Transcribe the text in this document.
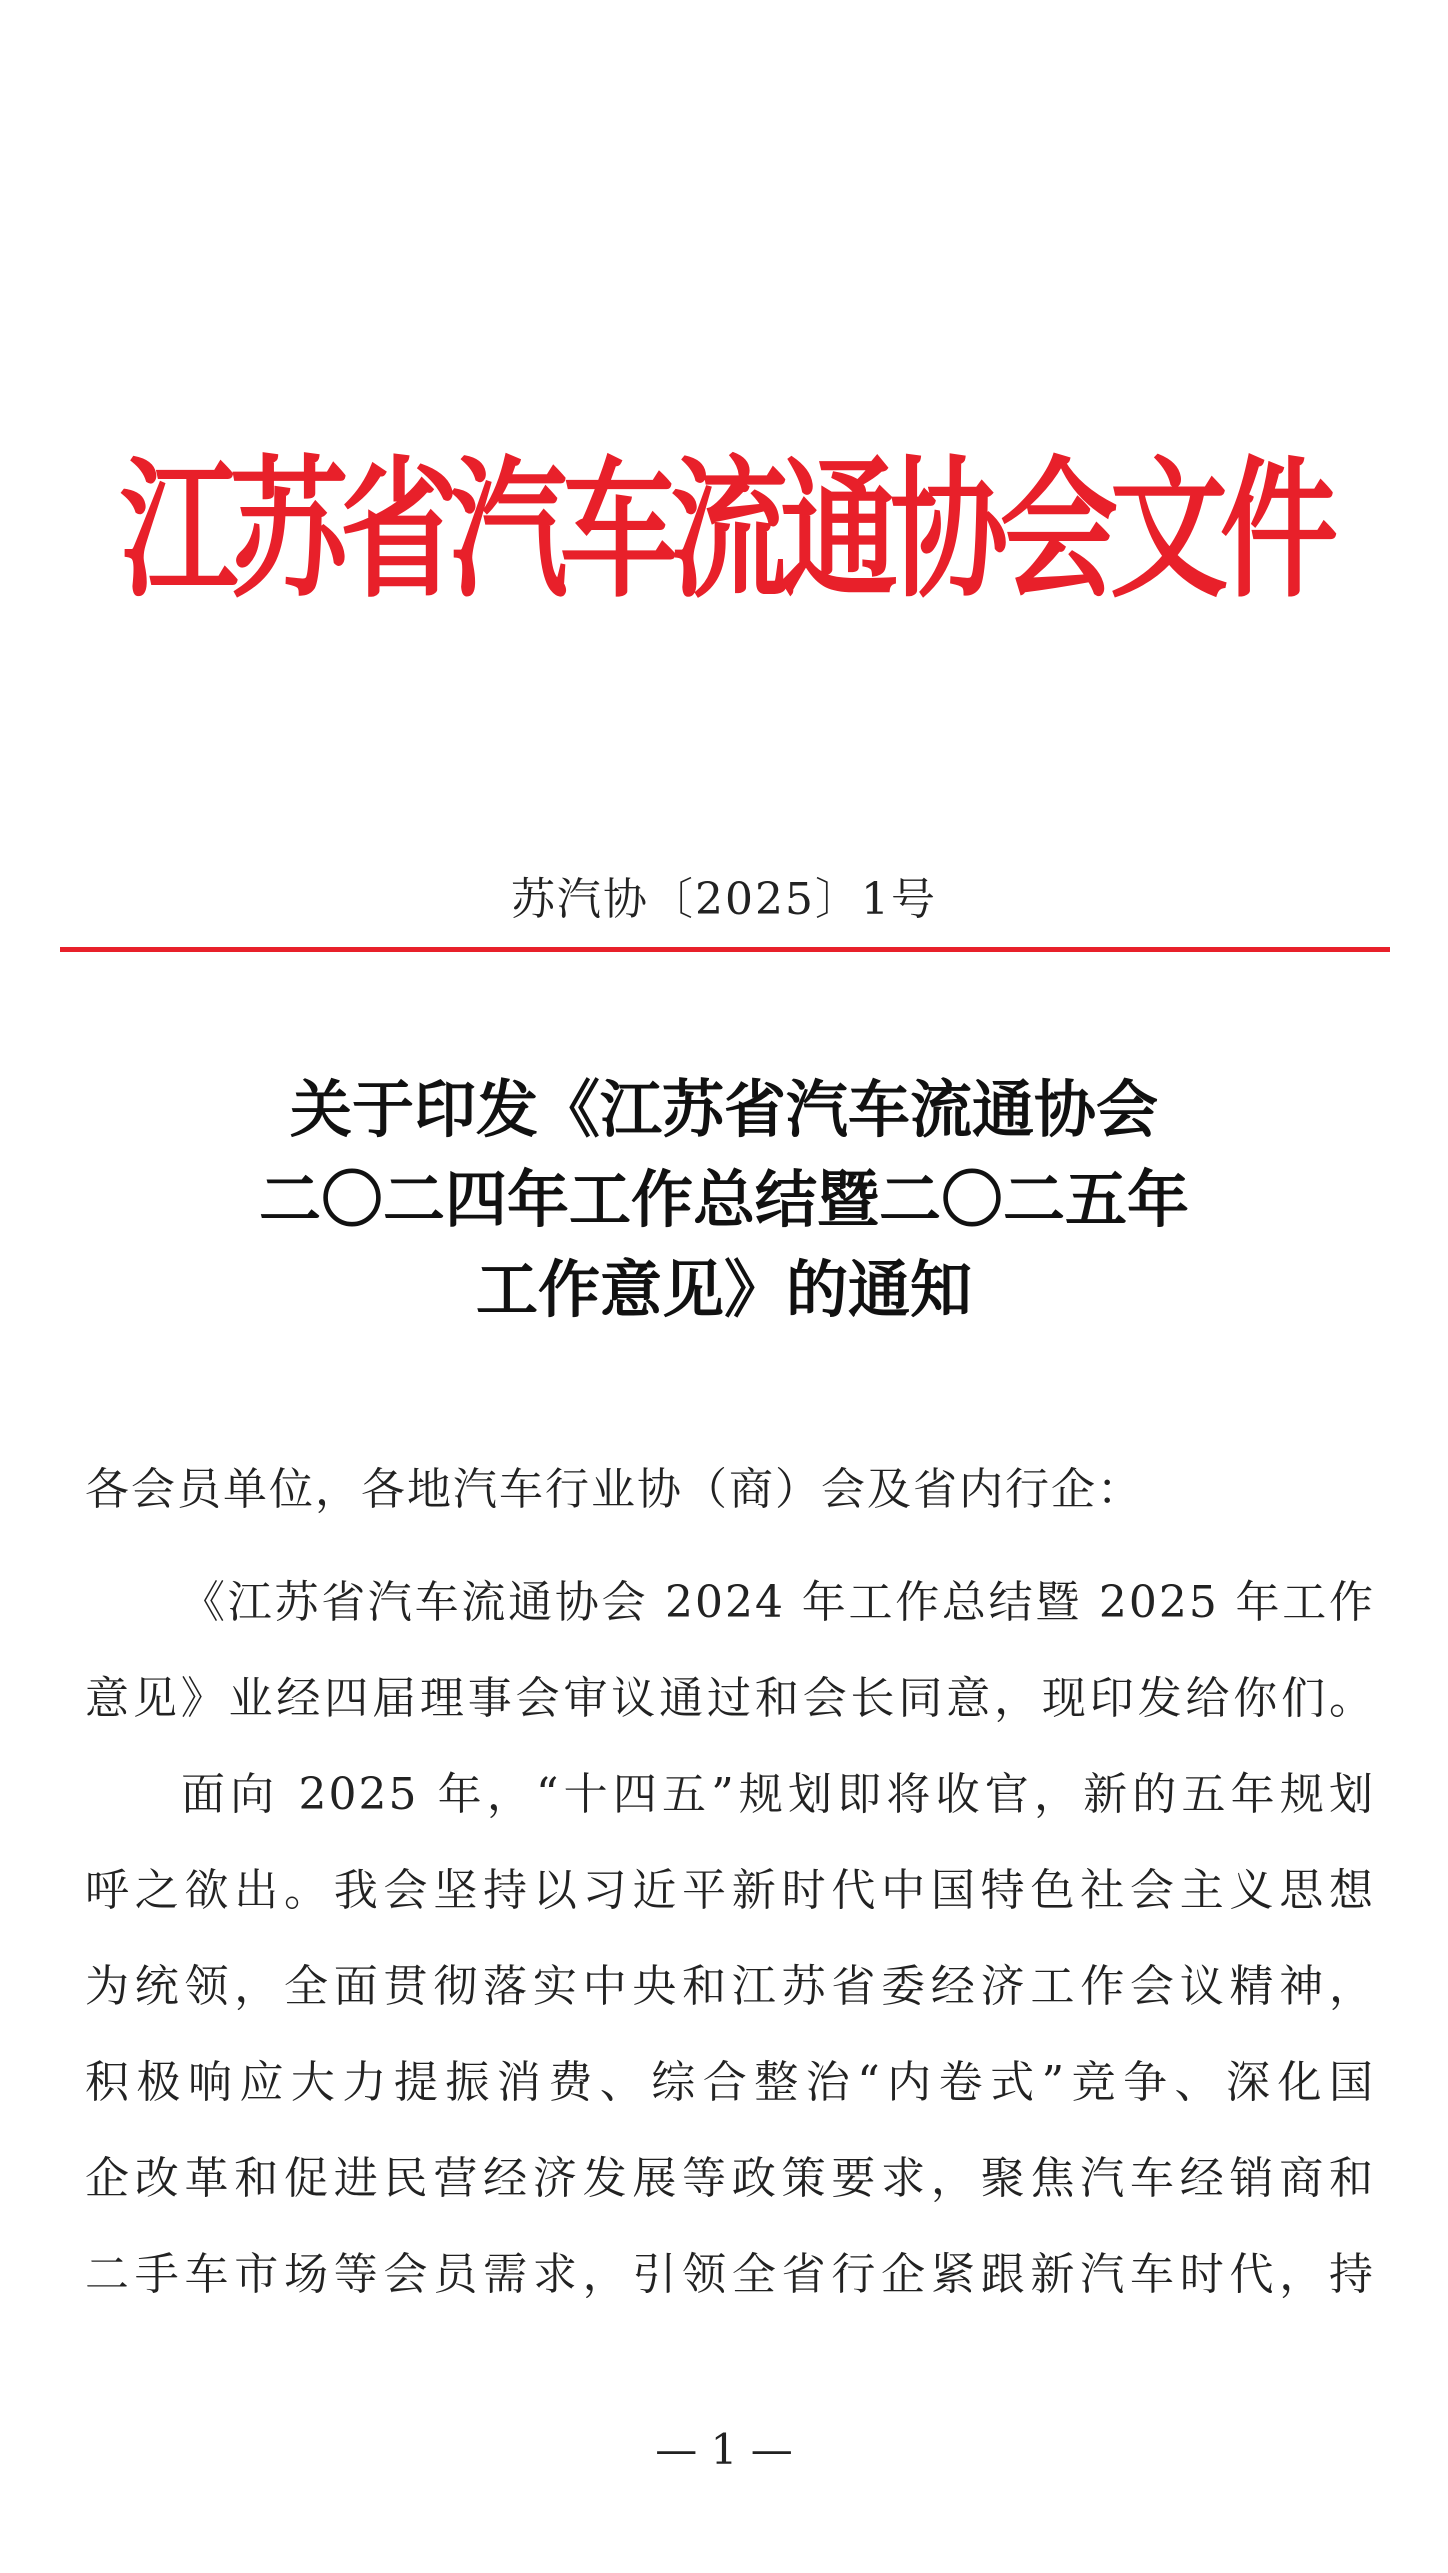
江苏省汽车流通协会文件
苏汽协〔2025〕1号
关于印发《江苏省汽车流通协会
二〇二四年工作总结暨二〇二五年
工作意见》的通知
各会员单位，各地汽车行业协（商）会及省内行企：

《江苏省汽车流通协会 2024 年工作总结暨 2025 年工作
意见》业经四届理事会审议通过和会长同意，现印发给你们。

面向 2025 年，“十四五”规划即将收官，新的五年规划
呼之欲出。我会坚持以习近平新时代中国特色社会主义思想
为统领，全面贯彻落实中央和江苏省委经济工作会议精神，
积极响应大力提振消费、综合整治“内卷式”竞争、深化国
企改革和促进民营经济发展等政策要求，聚焦汽车经销商和
二手车市场等会员需求，引领全省行企紧跟新汽车时代，持

— 1 —
